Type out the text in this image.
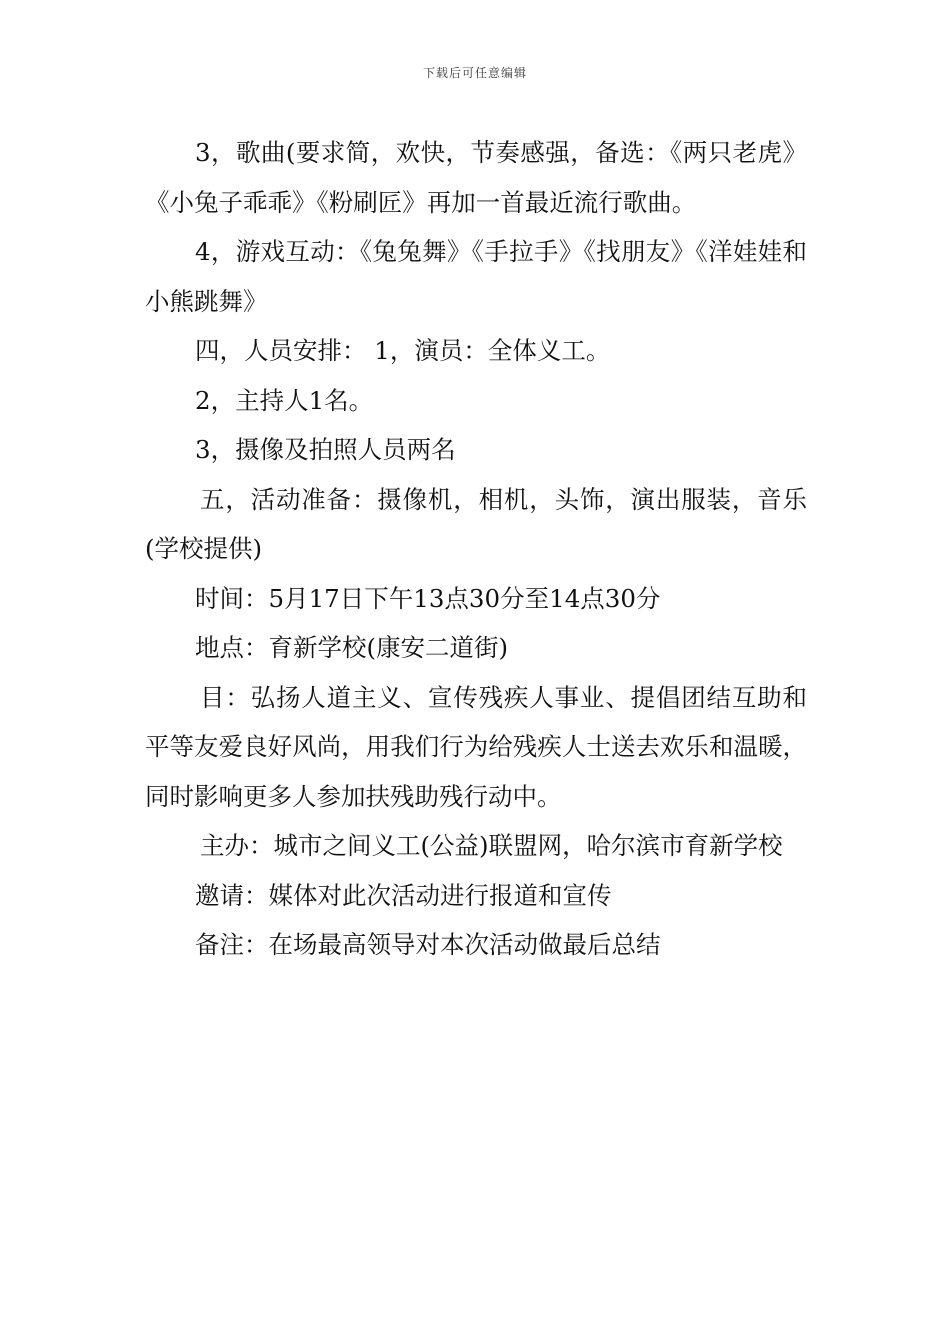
下载后可任意编辑

3，歌曲(要求简，欢快，节奏感强，备选：《两只老虎》《小兔子乖乖》《粉刷匠》再加一首最近流行歌曲。

4，游戏互动：《兔兔舞》《手拉手》《找朋友》《洋娃娃和小熊跳舞》

四，人员安排： 1，演员：全体义工。

2，主持人1名。

3，摄像及拍照人员两名

五，活动准备：摄像机，相机，头饰，演出服装，音乐(学校提供)

时间：5月17日下午13点30分至14点30分

地点：育新学校(康安二道街)

目：弘扬人道主义、宣传残疾人事业、提倡团结互助和平等友爱良好风尚，用我们行为给残疾人士送去欢乐和温暖，同时影响更多人参加扶残助残行动中。

主办：城市之间义工(公益)联盟网，哈尔滨市育新学校

邀请：媒体对此次活动进行报道和宣传

备注：在场最高领导对本次活动做最后总结
